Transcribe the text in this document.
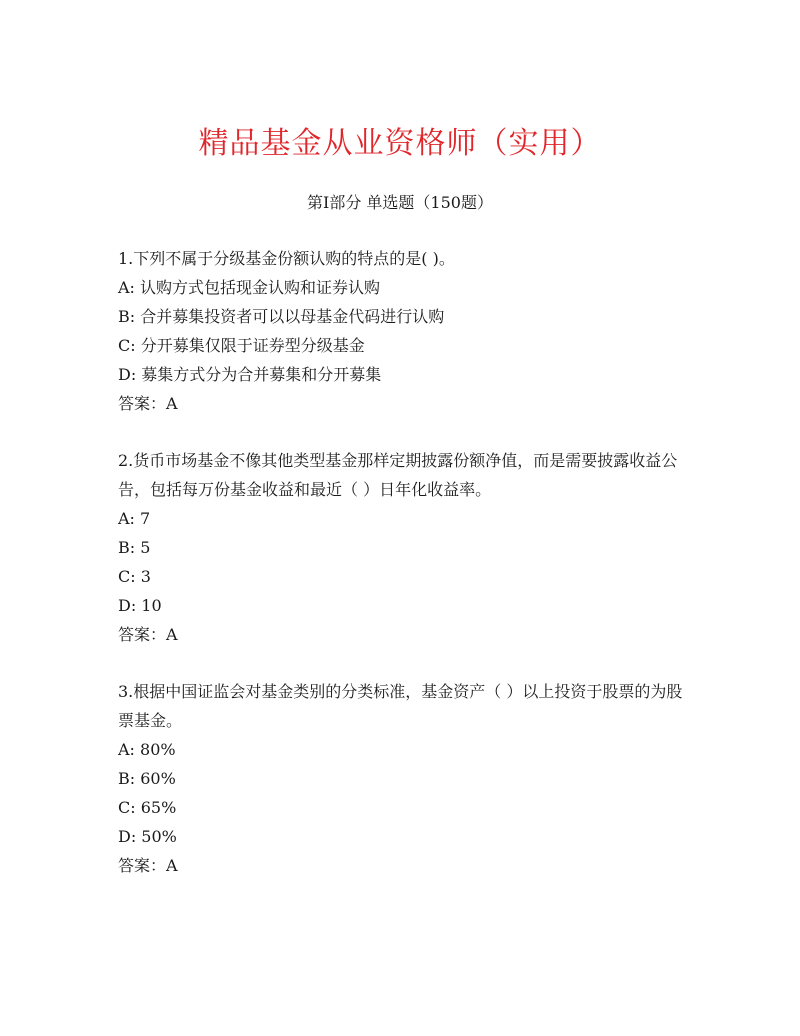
精品基金从业资格师（实用）
第Ⅰ部分 单选题（150题）

1.下列不属于分级基金份额认购的特点的是( )。

A: 认购方式包括现金认购和证券认购
B: 合并募集投资者可以以母基金代码进行认购
C: 分开募集仅限于证券型分级基金
D: 募集方式分为合并募集和分开募集
答案：A

2.货币市场基金不像其他类型基金那样定期披露份额净值，而是需要披露收益公告，包括每万份基金收益和最近（ ）日年化收益率。

A: 7
B: 5
C: 3
D: 10
答案：A

3.根据中国证监会对基金类别的分类标准，基金资产（ ）以上投资于股票的为股票基金。

A: 80%
B: 60%
C: 65%
D: 50%
答案：A
